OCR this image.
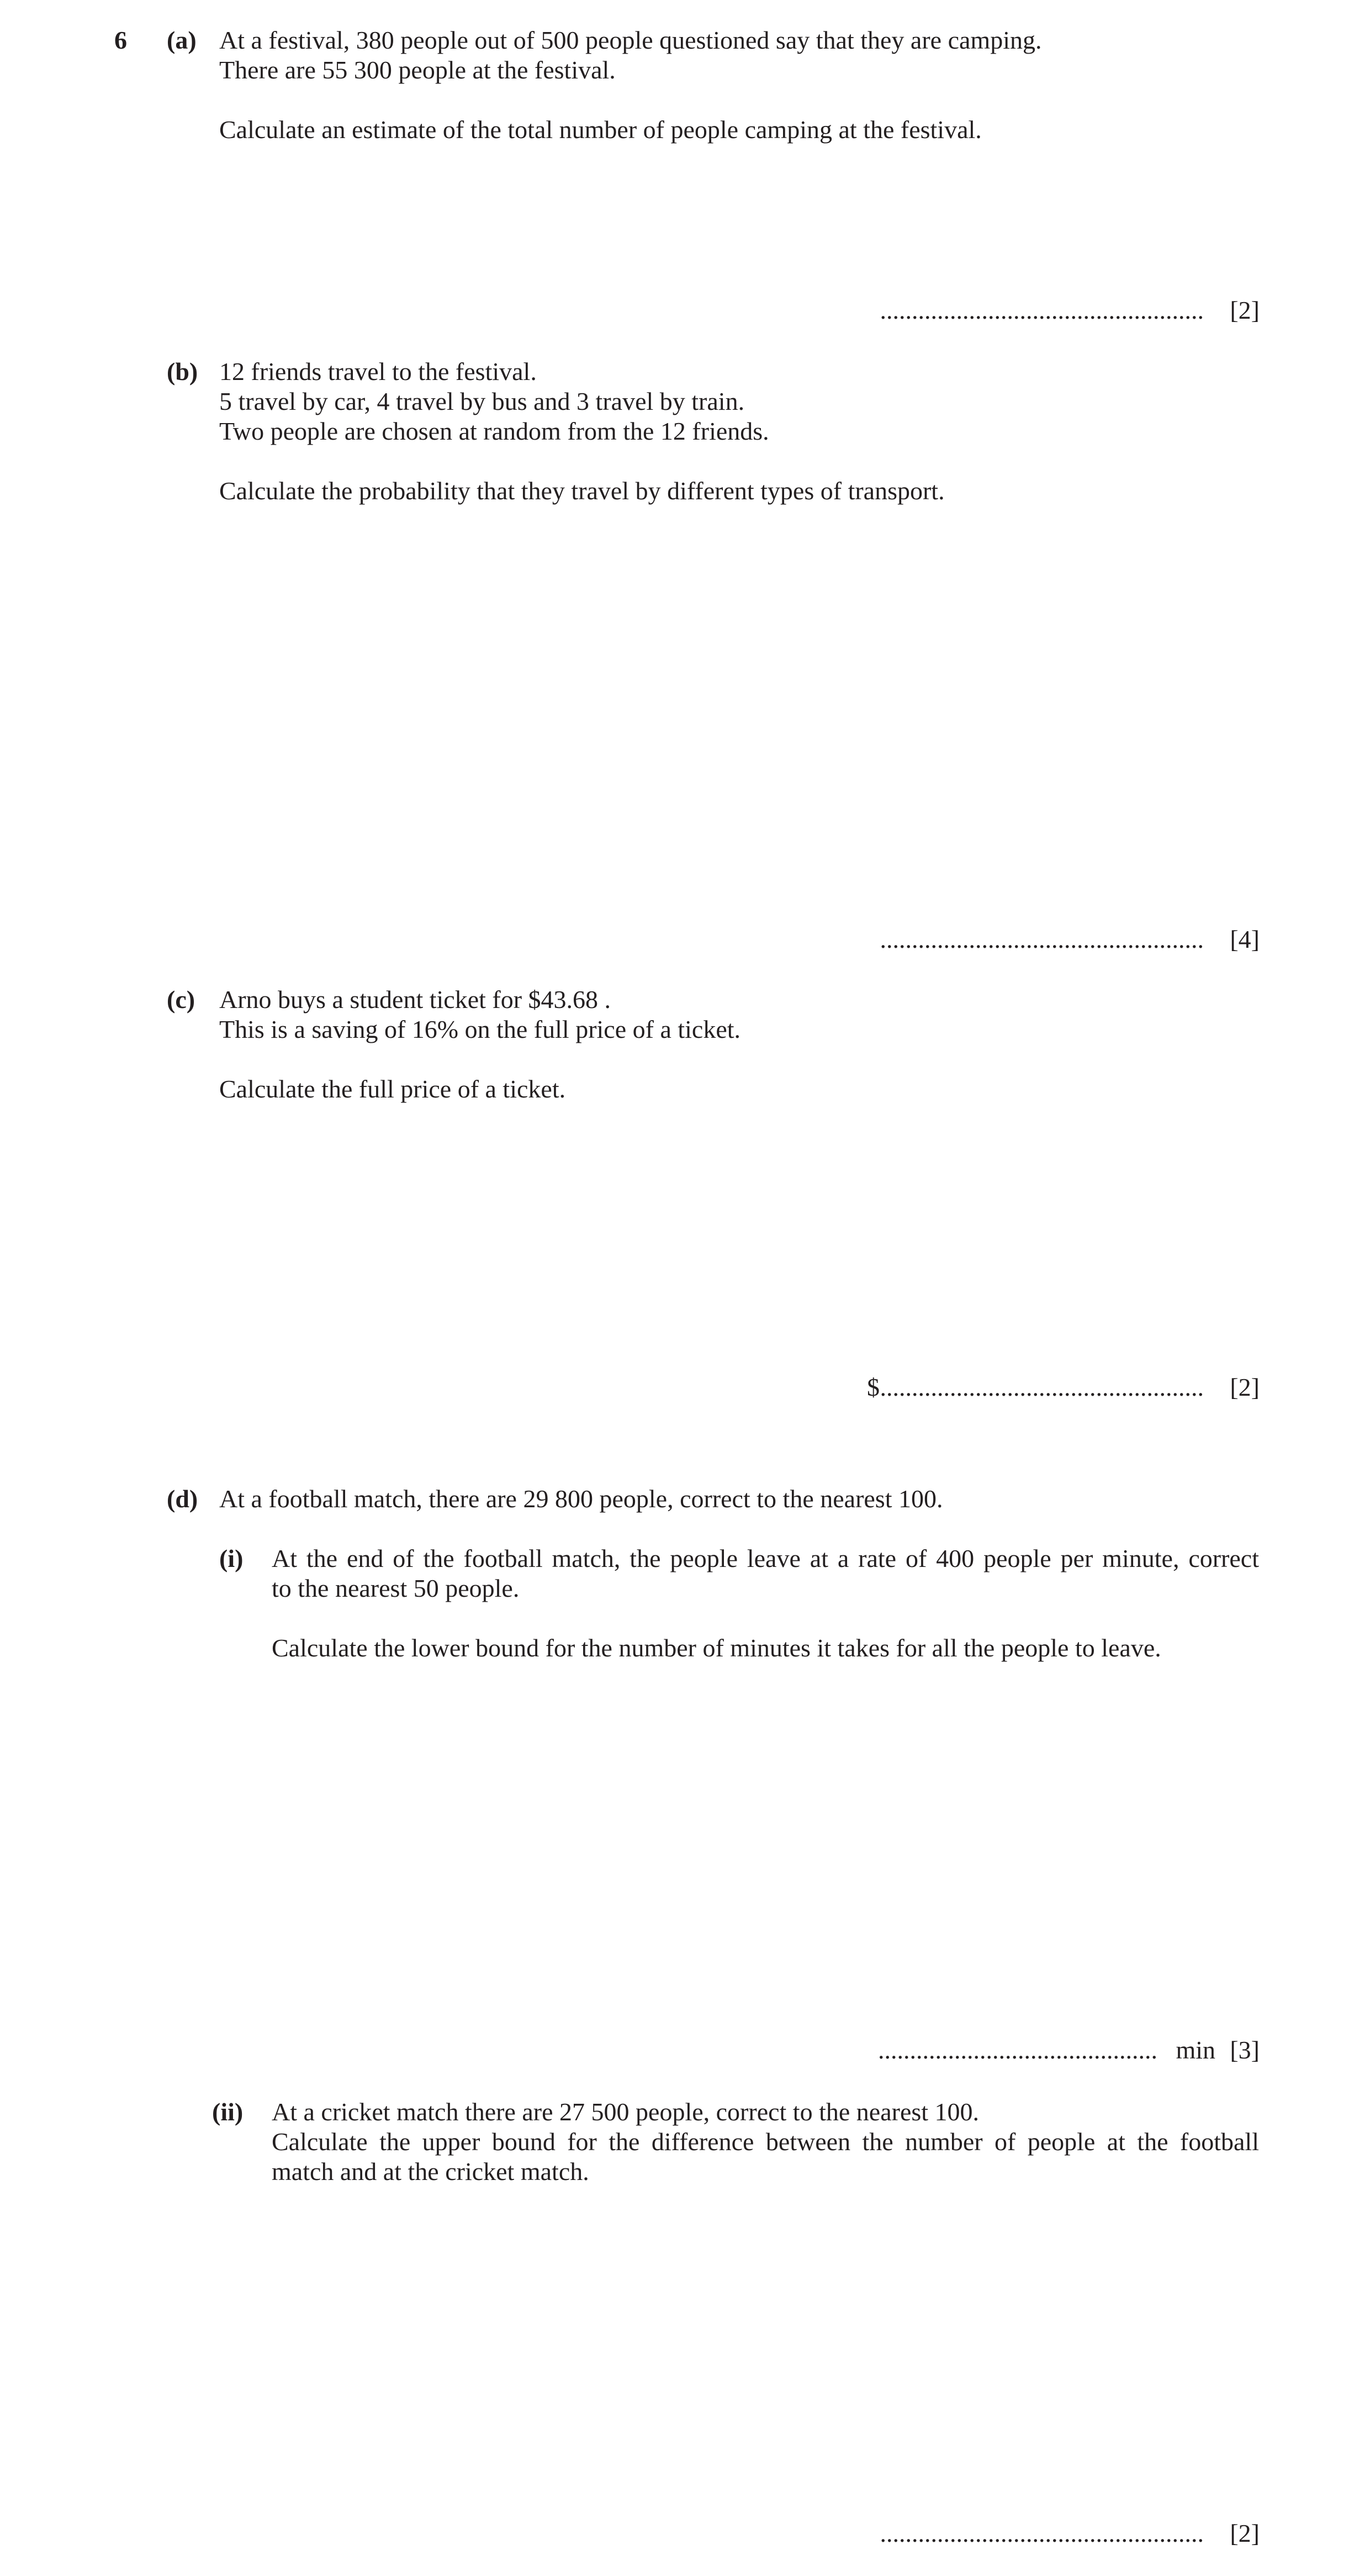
6 (a) At a festival, 380 people out of 500 people questioned say that they are camping.
There are 55 300 people at the festival.
Calculate an estimate of the total number of people camping at the festival.
................................................... [2]
(b) 12 friends travel to the festival.
5 travel by car, 4 travel by bus and 3 travel by train.
Two people are chosen at random from the 12 friends.
Calculate the probability that they travel by different types of transport.
................................................... [4]
(c) Arno buys a student ticket for $43.68 .
This is a saving of 16% on the full price of a ticket.
Calculate the full price of a ticket.
$ ................................................... [2]
(d) At a football match, there are 29 800 people, correct to the nearest 100.
(i) At the end of the football match, the people leave at a rate of 400 people per minute, correct
to the nearest 50 people.
Calculate the lower bound for the number of minutes it takes for all the people to leave.
............................................ min [3]
(ii) At a cricket match there are 27 500 people, correct to the nearest 100.
Calculate the upper bound for the difference between the number of people at the football
match and at the cricket match.
................................................... [2]
